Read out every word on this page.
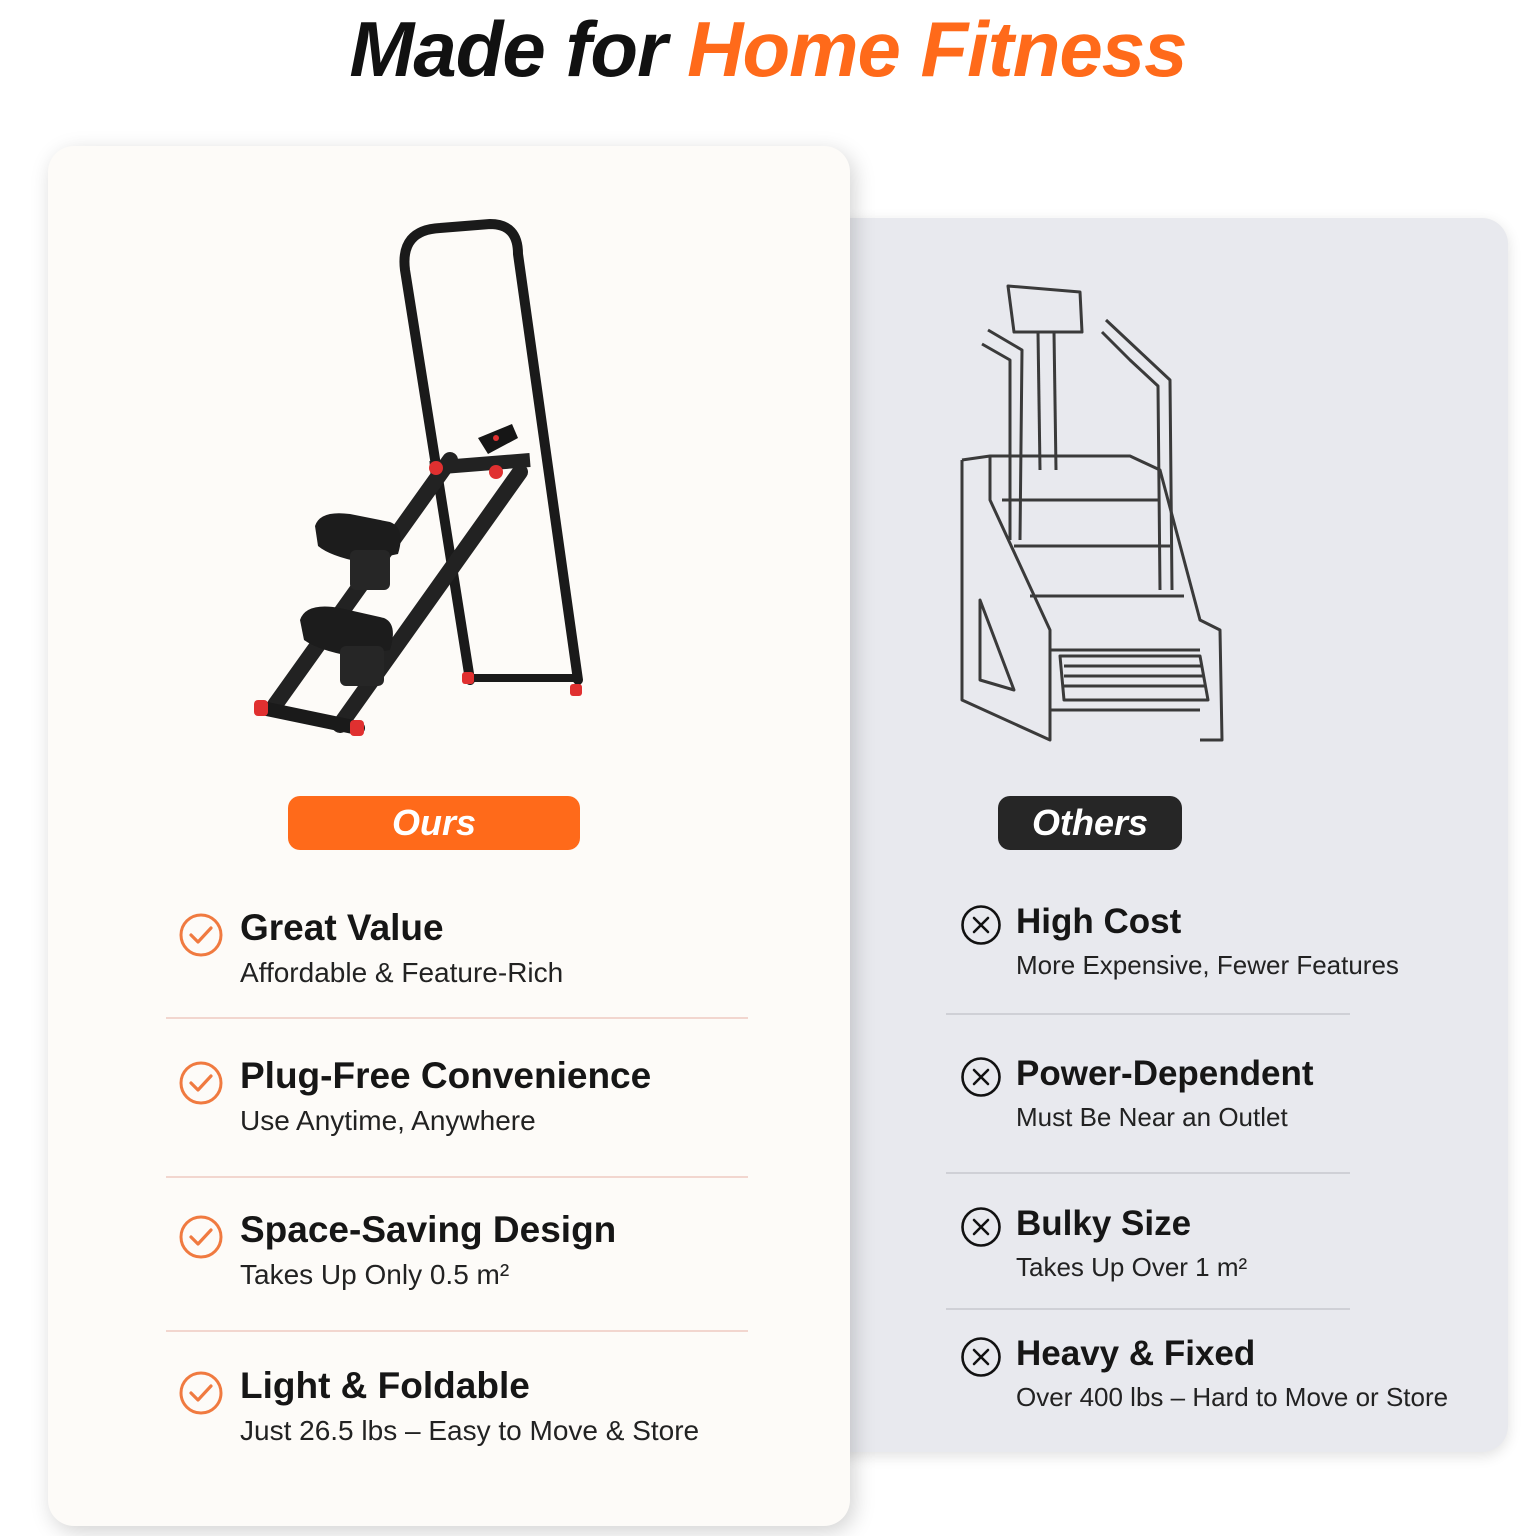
Made for Home Fitness
Ours	Others
Great Value
Affordable & Feature-Rich
Plug-Free Convenience
Use Anytime, Anywhere
Space-Saving Design
Takes Up Only 0.5 m²
Light & Foldable
Just 26.5 lbs – Easy to Move & Store
High Cost
More Expensive, Fewer Features
Power-Dependent
Must Be Near an Outlet
Bulky Size
Takes Up Over 1 m²
Heavy & Fixed
Over 400 lbs – Hard to Move or Store
